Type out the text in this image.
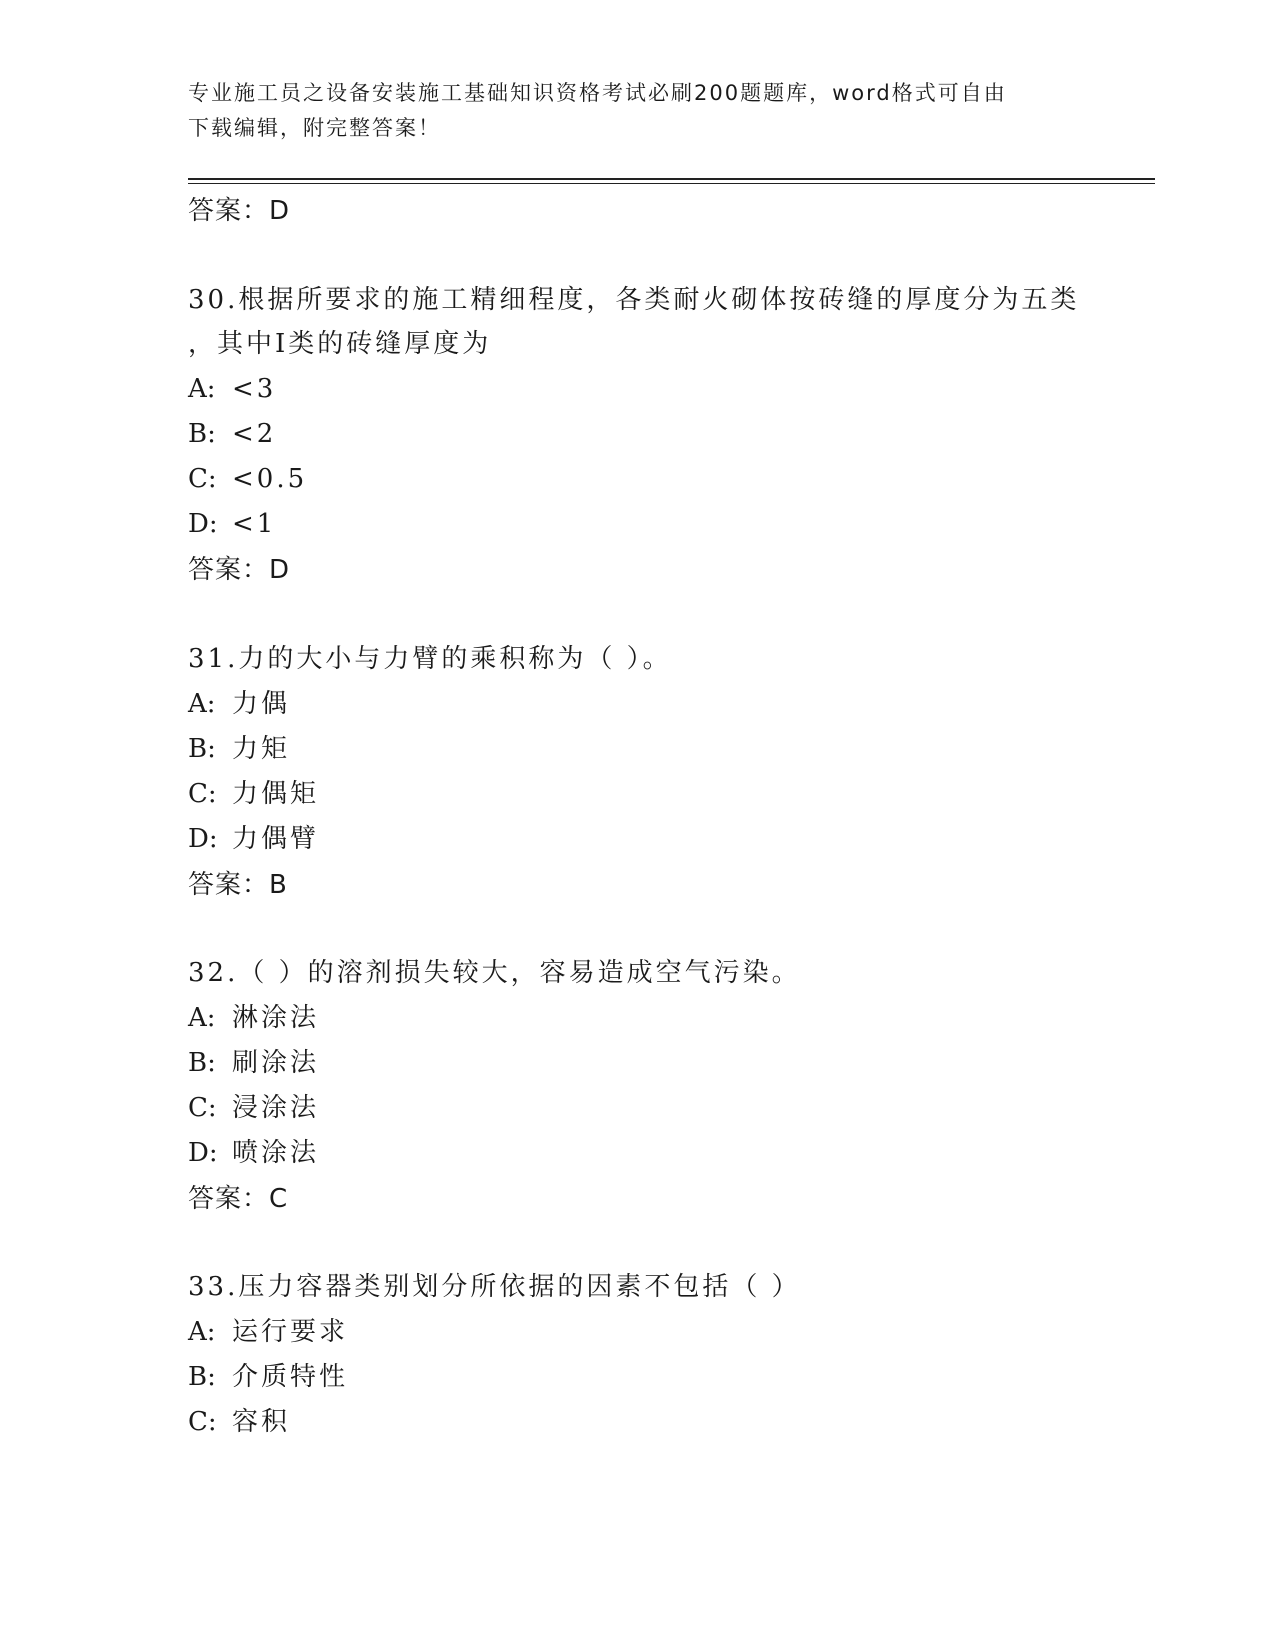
专业施工员之设备安装施工基础知识资格考试必刷200题题库，word格式可自由
下载编辑，附完整答案！
答案：D
30.根据所要求的施工精细程度，各类耐火砌体按砖缝的厚度分为五类
，其中Ⅰ类的砖缝厚度为
A: <3
B: <2
C: <0.5
D: <1
答案：D
31.力的大小与力臂的乘积称为（ ）。
A: 力偶
B: 力矩
C: 力偶矩
D: 力偶臂
答案：B
32.（ ）的溶剂损失较大，容易造成空气污染。
A: 淋涂法
B: 刷涂法
C: 浸涂法
D: 喷涂法
答案：C
33.压力容器类别划分所依据的因素不包括（ ）
A: 运行要求
B: 介质特性
C: 容积
